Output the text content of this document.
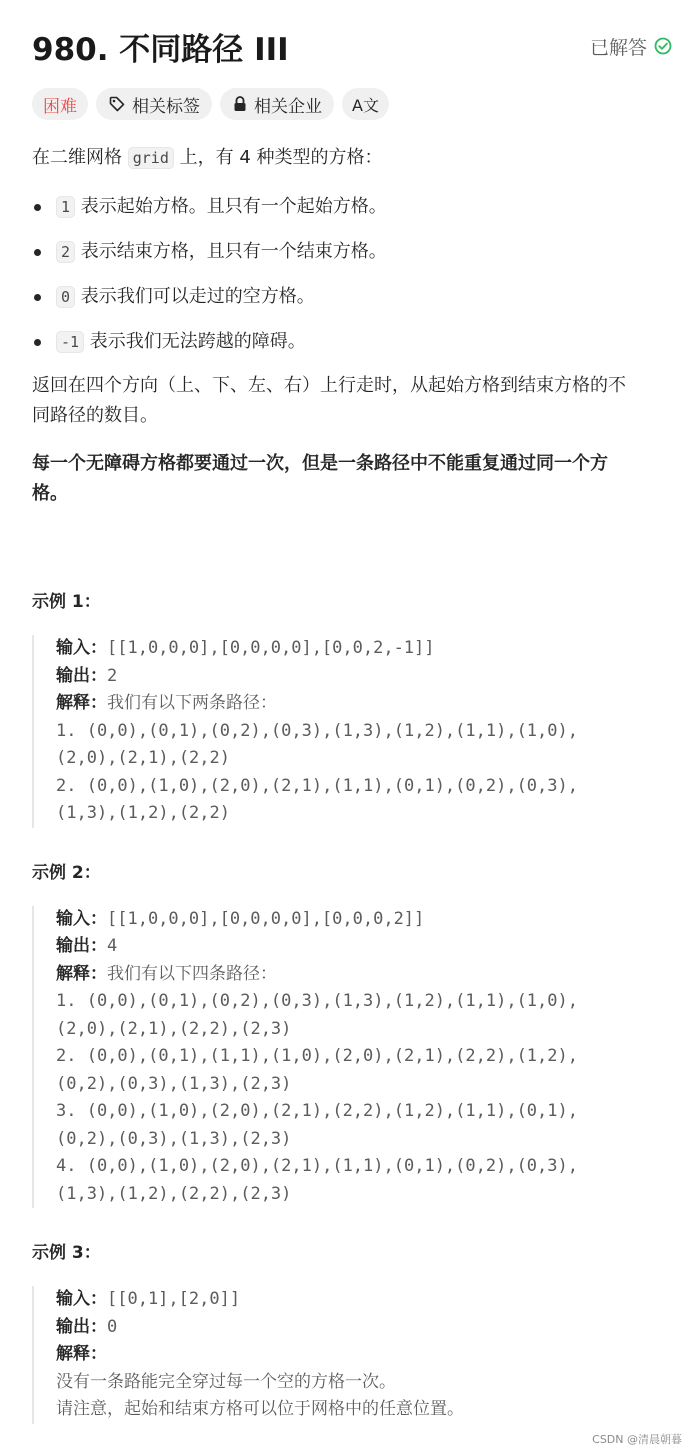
980. 不同路径 III	已解答
困难	相关标签	相关企业 A文

在二维网格 grid 上，有 4 种类型的方格：

1 表示起始方格。且只有一个起始方格。
2 表示结束方格，且只有一个结束方格。
0 表示我们可以走过的空方格。
-1 表示我们无法跨越的障碍。

返回在四个方向（上、下、左、右）上行走时，从起始方格到结束方格的不
同路径的数目。

每一个无障碍方格都要通过一次，但是一条路径中不能重复通过同一个方
格。

示例 1：
输入：[[1,0,0,0],[0,0,0,0],[0,0,2,-1]]
输出：2
解释：我们有以下两条路径：
1. (0,0),(0,1),(0,2),(0,3),(1,3),(1,2),(1,1),(1,0),
(2,0),(2,1),(2,2)
2. (0,0),(1,0),(2,0),(2,1),(1,1),(0,1),(0,2),(0,3),
(1,3),(1,2),(2,2)
示例 2：
输入：[[1,0,0,0],[0,0,0,0],[0,0,0,2]]
输出：4
解释：我们有以下四条路径：
1. (0,0),(0,1),(0,2),(0,3),(1,3),(1,2),(1,1),(1,0),
(2,0),(2,1),(2,2),(2,3)
2. (0,0),(0,1),(1,1),(1,0),(2,0),(2,1),(2,2),(1,2),
(0,2),(0,3),(1,3),(2,3)
3. (0,0),(1,0),(2,0),(2,1),(2,2),(1,2),(1,1),(0,1),
(0,2),(0,3),(1,3),(2,3)
4. (0,0),(1,0),(2,0),(2,1),(1,1),(0,1),(0,2),(0,3),
(1,3),(1,2),(2,2),(2,3)
示例 3：
输入：[[0,1],[2,0]]
输出：0
解释：
没有一条路能完全穿过每一个空的方格一次。
请注意，起始和结束方格可以位于网格中的任意位置。
CSDN @清晨朝暮
